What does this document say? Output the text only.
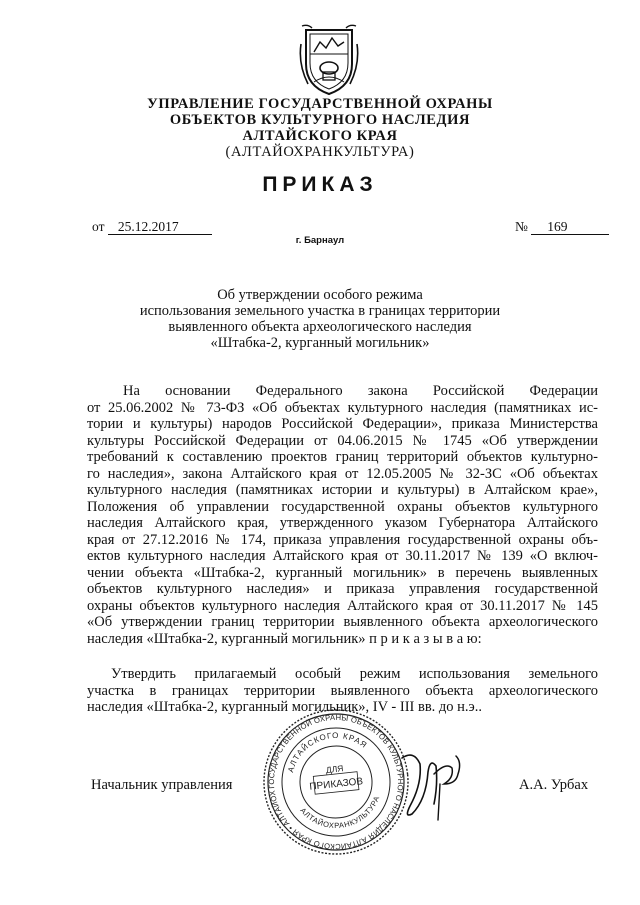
УПРАВЛЕНИЕ ГОСУДАРСТВЕННОЙ ОХРАНЫ
ОБЪЕКТОВ КУЛЬТУРНОГО НАСЛЕДИЯ
АЛТАЙСКОГО КРАЯ
(АЛТАЙОХРАНКУЛЬТУРА)
ПРИКАЗ
от 25.12.2017	№ 169
г. Барнаул
Об утверждении особого режима
использования земельного участка в границах территории
выявленного объекта археологического наследия
«Штабка-2, курганный могильник»
На основании Федерального закона Российской Федерации
от 25.06.2002 № 73-ФЗ «Об объектах культурного наследия (памятниках ис-
тории и культуры) народов Российской Федерации», приказа Министерства
культуры Российской Федерации от 04.06.2015 № 1745 «Об утверждении
требований к составлению проектов границ территорий объектов культурно-
го наследия», закона Алтайского края от 12.05.2005 № 32-ЗС «Об объектах
культурного наследия (памятниках истории и культуры) в Алтайском крае»,
Положения об управлении государственной охраны объектов культурного
наследия Алтайского края, утвержденного указом Губернатора Алтайского
края от 27.12.2016 № 174, приказа управления государственной охраны объ-
ектов культурного наследия Алтайского края от 30.11.2017 № 139 «О включ-
чении объекта «Штабка-2, курганный могильник» в перечень выявленных
объектов культурного наследия» и приказа управления государственной
охраны объектов культурного наследия Алтайского края от 30.11.2017 № 145
«Об утверждении границ территории выявленного объекта археологического
наследия «Штабка-2, курганный могильник» п р и к а з ы в а ю:
Утвердить прилагаемый особый режим использования земельного
участка в границах территории выявленного объекта археологического
наследия «Штабка-2, курганный могильник», IV - III вв. до н.э..
ГОСУДАРСТВЕННОЙ ОХРАНЫ ОБЪЕКТОВ КУЛЬТУРНОГО НАСЛЕДИЯ АЛТАЙСКОГО КРАЯ • АЛТАЙОХРАНКУЛЬТУРА
АЛТАЙСКОГО КРАЯ
АЛТАЙОХРАНКУЛЬТУРА
ДЛЯ
ПРИКАЗОВ
Начальник управления	А.А. Урбах
